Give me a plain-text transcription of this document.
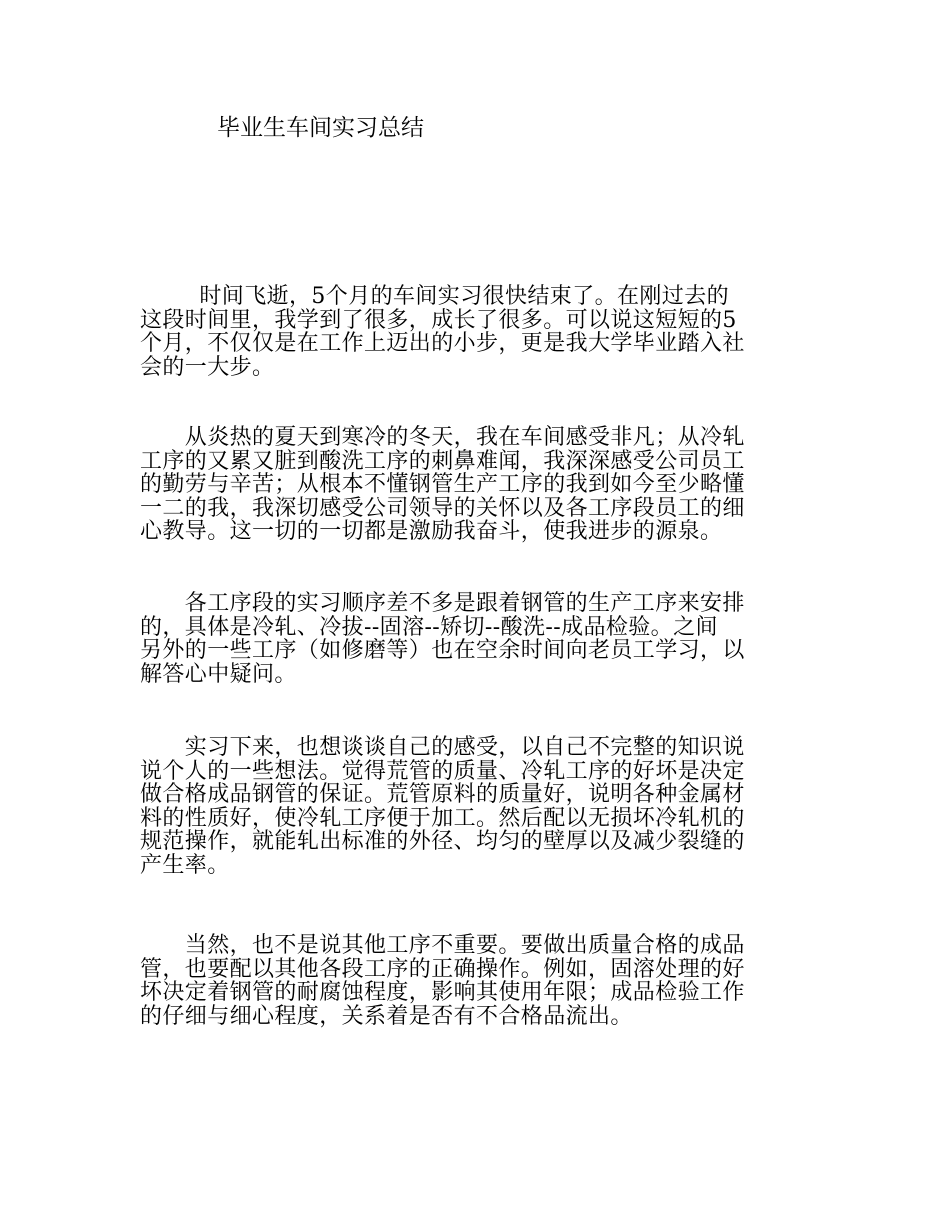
毕业生车间实习总结

　时间飞逝，5个月的车间实习很快结束了。在刚过去的
这段时间里，我学到了很多，成长了很多。可以说这短短的5
个月，不仅仅是在工作上迈出的小步，更是我大学毕业踏入社
会的一大步。

　　从炎热的夏天到寒冷的冬天，我在车间感受非凡；从冷轧
工序的又累又脏到酸洗工序的刺鼻难闻，我深深感受公司员工
的勤劳与辛苦；从根本不懂钢管生产工序的我到如今至少略懂
一二的我，我深切感受公司领导的关怀以及各工序段员工的细
心教导。这一切的一切都是激励我奋斗，使我进步的源泉。

　　各工序段的实习顺序差不多是跟着钢管的生产工序来安排
的，具体是冷轧、冷拔--固溶--矫切--酸洗--成品检验。之间
另外的一些工序（如修磨等）也在空余时间向老员工学习，以
解答心中疑问。

　　实习下来，也想谈谈自己的感受，以自己不完整的知识说
说个人的一些想法。觉得荒管的质量、冷轧工序的好坏是决定
做合格成品钢管的保证。荒管原料的质量好，说明各种金属材
料的性质好，使冷轧工序便于加工。然后配以无损坏冷轧机的
规范操作，就能轧出标准的外径、均匀的壁厚以及减少裂缝的
产生率。

　　当然，也不是说其他工序不重要。要做出质量合格的成品
管，也要配以其他各段工序的正确操作。例如，固溶处理的好
坏决定着钢管的耐腐蚀程度，影响其使用年限；成品检验工作
的仔细与细心程度，关系着是否有不合格品流出。
